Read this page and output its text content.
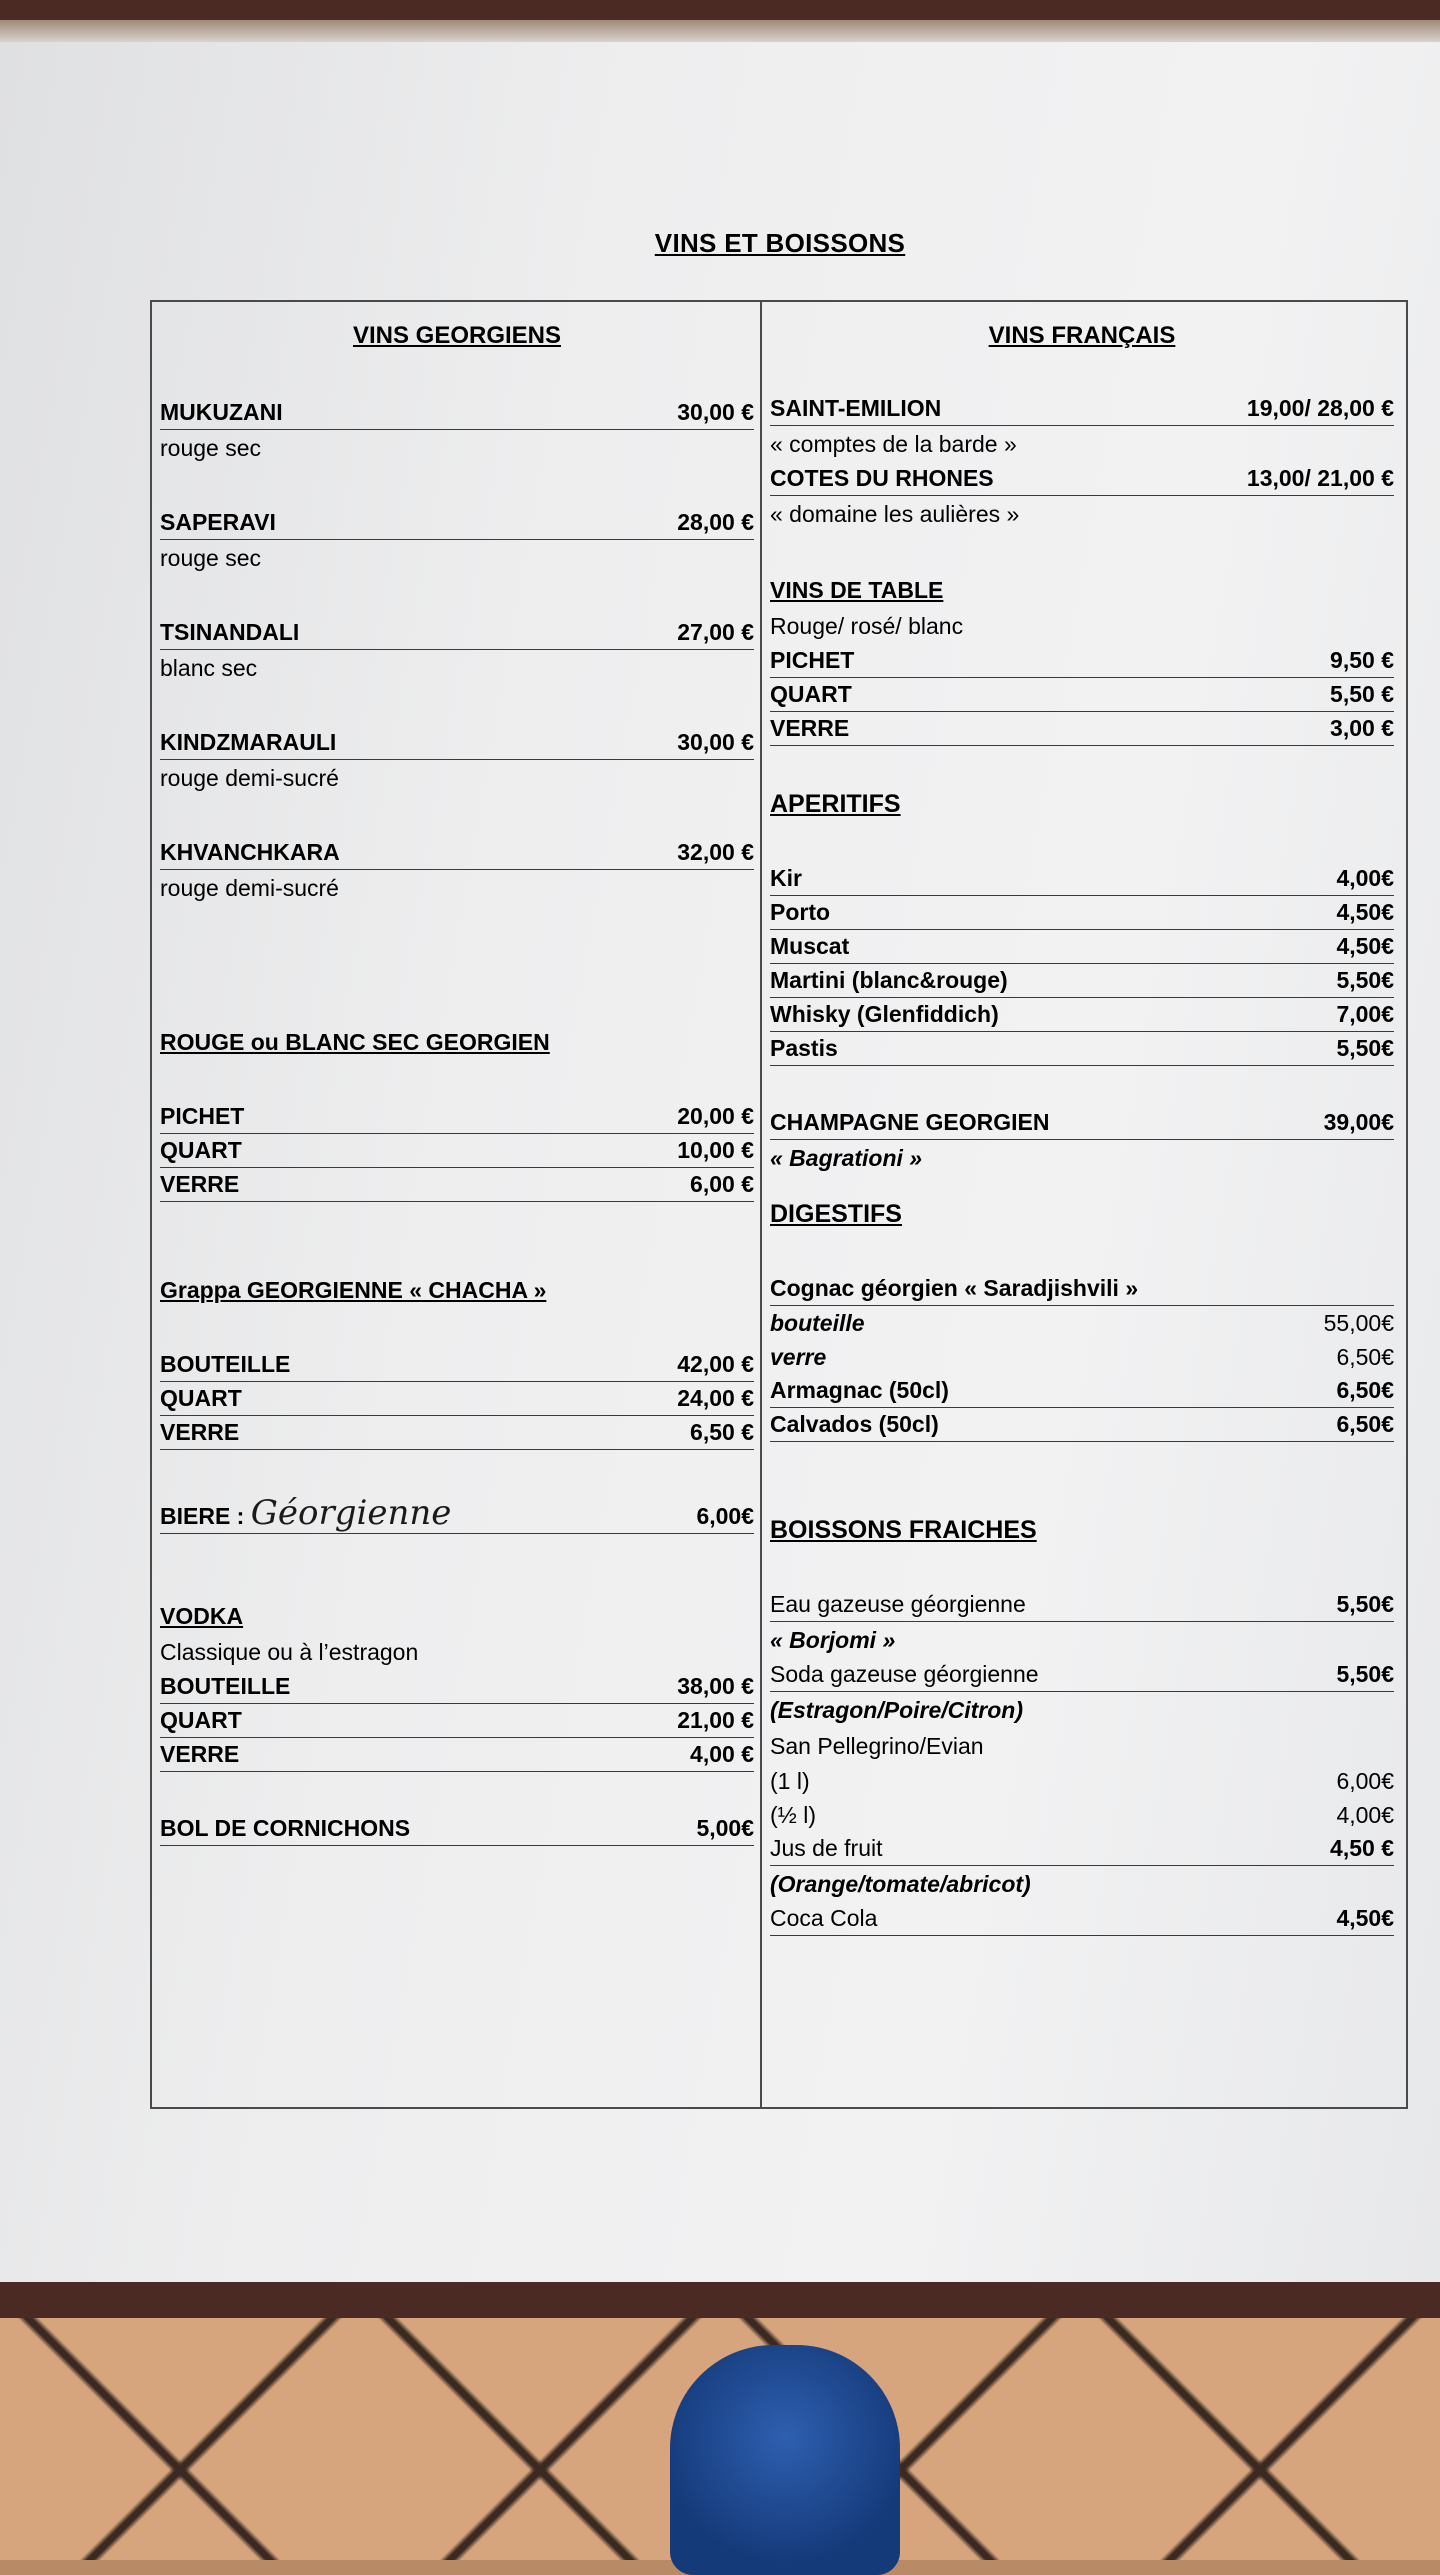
VINS ET BOISSONS
VINS GEORGIENS
MUKUZANI	30,00 €
rouge sec
SAPERAVI	28,00 €
rouge sec
TSINANDALI	27,00 €
blanc sec
KINDZMARAULI	30,00 €
rouge demi-sucré
KHVANCHKARA	32,00 €
rouge demi-sucré
ROUGE ou BLANC SEC GEORGIEN
PICHET	20,00 €
QUART	10,00 €
VERRE	6,00 €
Grappa GEORGIENNE « CHACHA »
BOUTEILLE	42,00 €
QUART	24,00 €
VERRE	6,50 €
BIERE : Géorgienne	6,00€
VODKA
Classique ou à l’estragon
BOUTEILLE	38,00 €
QUART	21,00 €
VERRE	4,00 €
BOL DE CORNICHONS	5,00€
VINS FRANÇAIS
SAINT-EMILION	19,00/ 28,00 €
« comptes de la barde »
COTES DU RHONES	13,00/ 21,00 €
« domaine les aulières »
VINS DE TABLE
Rouge/ rosé/ blanc
PICHET	9,50 €
QUART	5,50 €
VERRE	3,00 €
APERITIFS
Kir	4,00€
Porto	4,50€
Muscat	4,50€
Martini (blanc&rouge)	5,50€
Whisky (Glenfiddich)	7,00€
Pastis	5,50€
CHAMPAGNE GEORGIEN	39,00€
« Bagrationi »
DIGESTIFS
Cognac géorgien « Saradjishvili »
bouteille	55,00€
verre	6,50€
Armagnac (50cl)	6,50€
Calvados (50cl)	6,50€
BOISSONS FRAICHES
Eau gazeuse géorgienne	5,50€
« Borjomi »
Soda gazeuse géorgienne	5,50€
(Estragon/Poire/Citron)
San Pellegrino/Evian
(1 l)	6,00€
(½ l)	4,00€
Jus de fruit	4,50 €
(Orange/tomate/abricot)
Coca Cola	4,50€
